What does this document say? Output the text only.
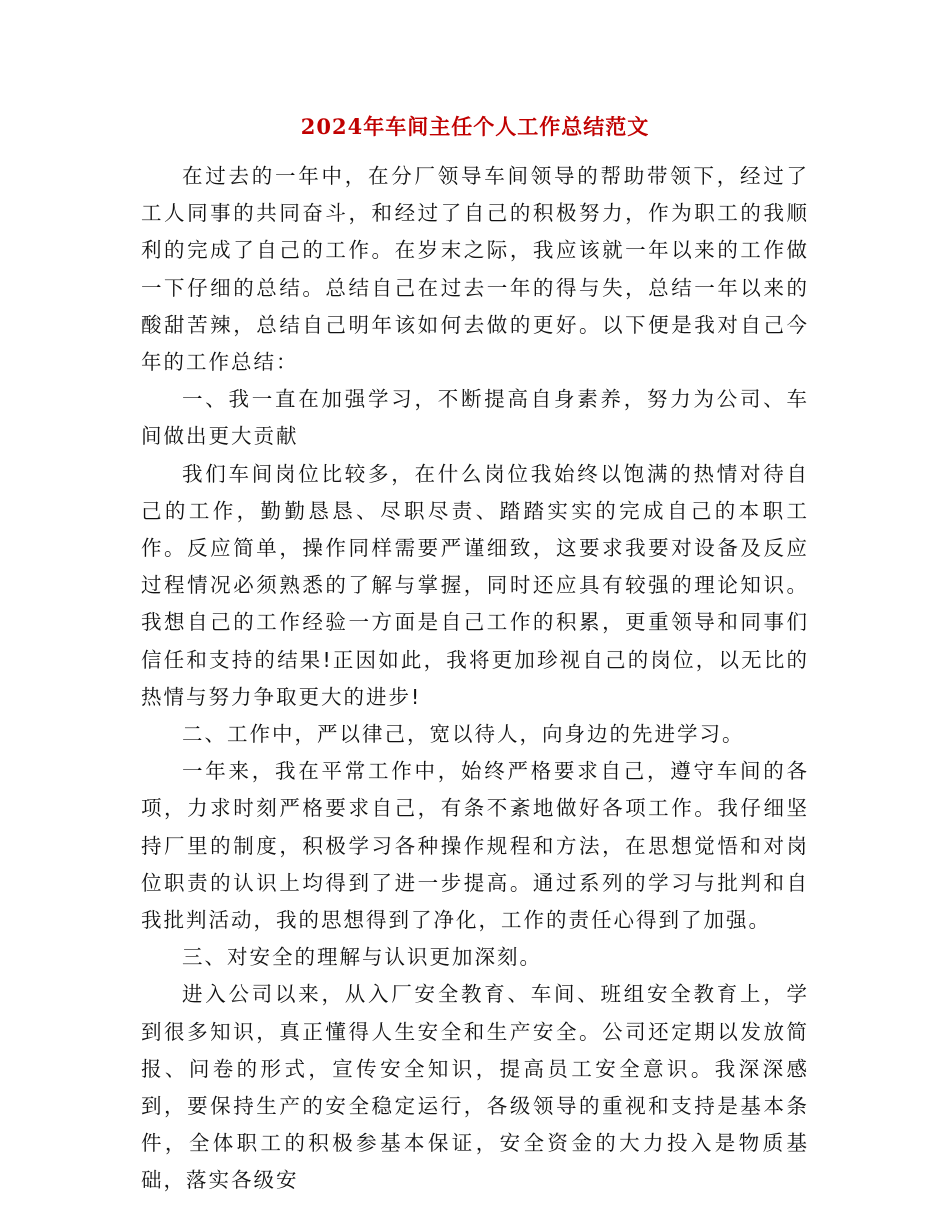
2024年车间主任个人工作总结范文

在过去的一年中，在分厂领导车间领导的帮助带领下，经过了工人同事的共同奋斗，和经过了自己的积极努力，作为职工的我顺利的完成了自己的工作。在岁末之际，我应该就一年以来的工作做一下仔细的总结。总结自己在过去一年的得与失，总结一年以来的酸甜苦辣，总结自己明年该如何去做的更好。以下便是我对自己今年的工作总结：

一、我一直在加强学习，不断提高自身素养，努力为公司、车间做出更大贡献

我们车间岗位比较多，在什么岗位我始终以饱满的热情对待自己的工作，勤勤恳恳、尽职尽责、踏踏实实的完成自己的本职工作。反应简单，操作同样需要严谨细致，这要求我要对设备及反应过程情况必须熟悉的了解与掌握，同时还应具有较强的理论知识。我想自己的工作经验一方面是自己工作的积累，更重领导和同事们信任和支持的结果!正因如此，我将更加珍视自己的岗位，以无比的热情与努力争取更大的进步!

二、工作中，严以律己，宽以待人，向身边的先进学习。

一年来，我在平常工作中，始终严格要求自己，遵守车间的各项，力求时刻严格要求自己，有条不紊地做好各项工作。我仔细坚持厂里的制度，积极学习各种操作规程和方法，在思想觉悟和对岗位职责的认识上均得到了进一步提高。通过系列的学习与批判和自我批判活动，我的思想得到了净化，工作的责任心得到了加强。

三、对安全的理解与认识更加深刻。

进入公司以来，从入厂安全教育、车间、班组安全教育上，学到很多知识，真正懂得人生安全和生产安全。公司还定期以发放简报、问卷的形式，宣传安全知识，提高员工安全意识。我深深感到，要保持生产的安全稳定运行，各级领导的重视和支持是基本条件，全体职工的积极参基本保证，安全资金的大力投入是物质基础，落实各级安
